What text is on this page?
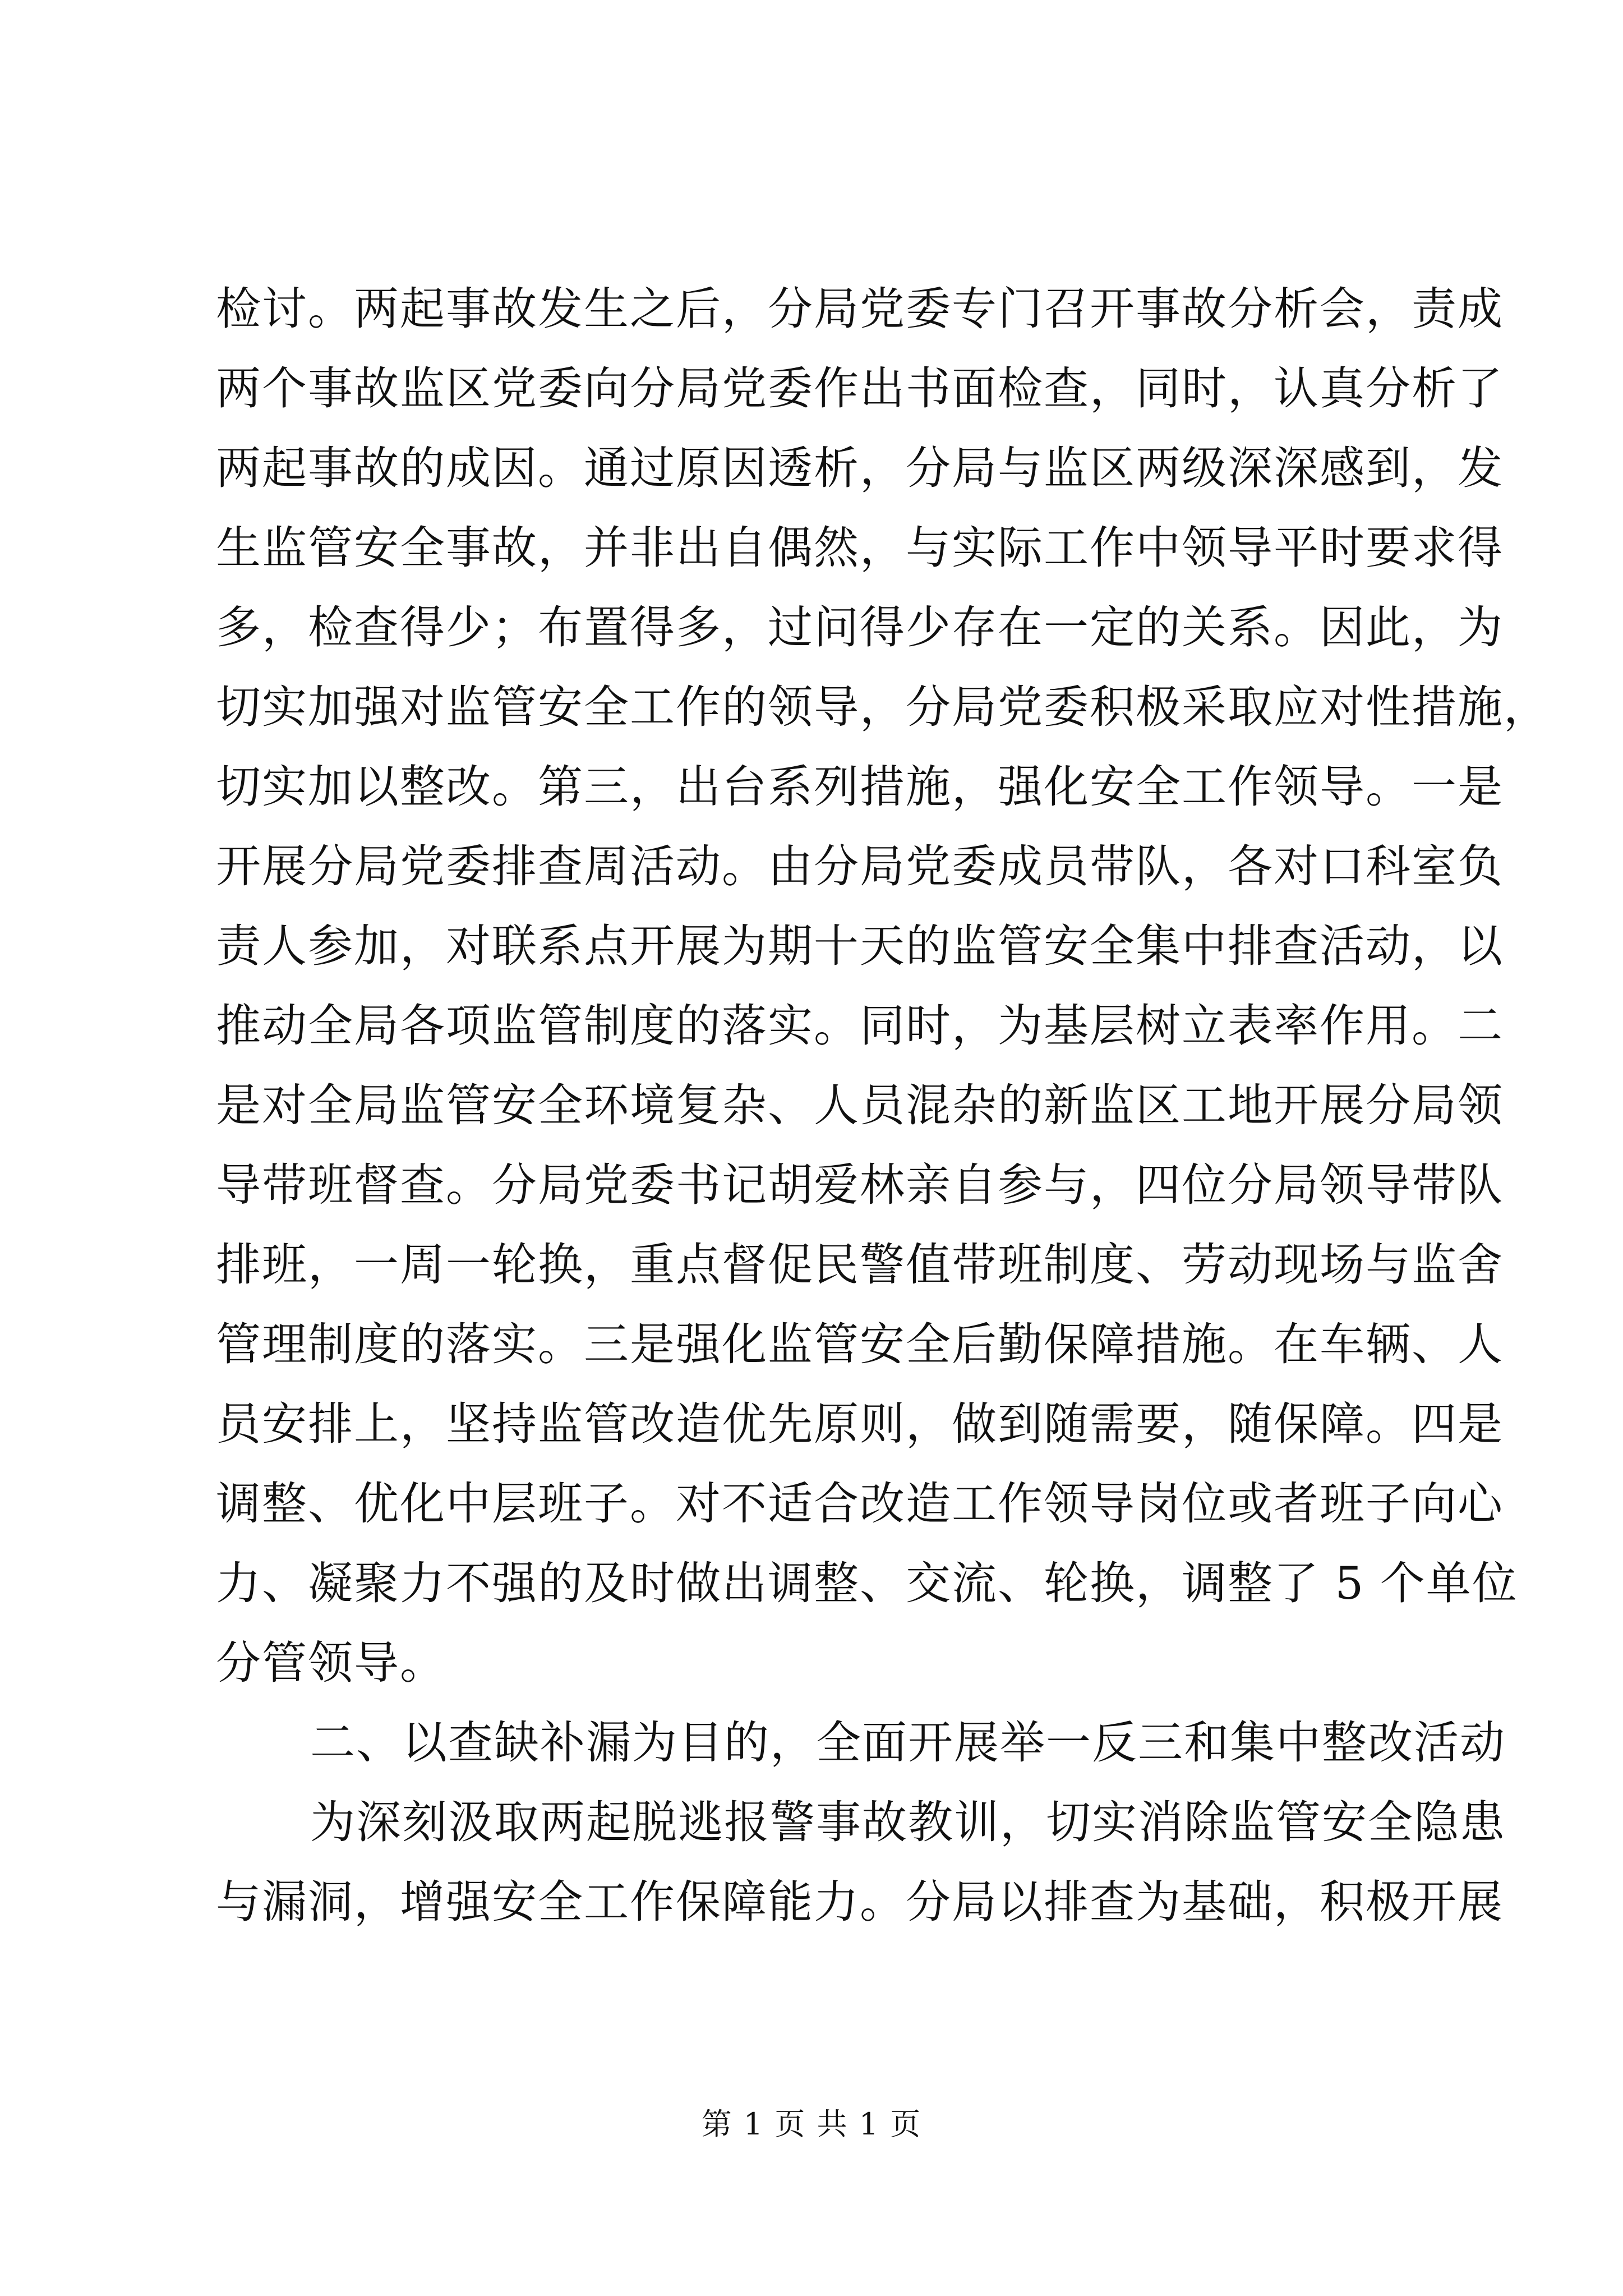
检讨。两起事故发生之后，分局党委专门召开事故分析会，责成
两个事故监区党委向分局党委作出书面检查，同时，认真分析了
两起事故的成因。通过原因透析，分局与监区两级深深感到，发
生监管安全事故，并非出自偶然，与实际工作中领导平时要求得
多，检查得少；布置得多，过问得少存在一定的关系。因此，为
切实加强对监管安全工作的领导，分局党委积极采取应对性措施，
切实加以整改。第三，出台系列措施，强化安全工作领导。一是
开展分局党委排查周活动。由分局党委成员带队，各对口科室负
责人参加，对联系点开展为期十天的监管安全集中排查活动，以
推动全局各项监管制度的落实。同时，为基层树立表率作用。二
是对全局监管安全环境复杂、人员混杂的新监区工地开展分局领
导带班督查。分局党委书记胡爱林亲自参与，四位分局领导带队
排班，一周一轮换，重点督促民警值带班制度、劳动现场与监舍
管理制度的落实。三是强化监管安全后勤保障措施。在车辆、人
员安排上，坚持监管改造优先原则，做到随需要，随保障。四是
调整、优化中层班子。对不适合改造工作领导岗位或者班子向心
力、凝聚力不强的及时做出调整、交流、轮换，调整了 5 个单位
分管领导。
二、以查缺补漏为目的，全面开展举一反三和集中整改活动
为深刻汲取两起脱逃报警事故教训，切实消除监管安全隐患
与漏洞，增强安全工作保障能力。分局以排查为基础，积极开展
第 1 页 共 1 页
